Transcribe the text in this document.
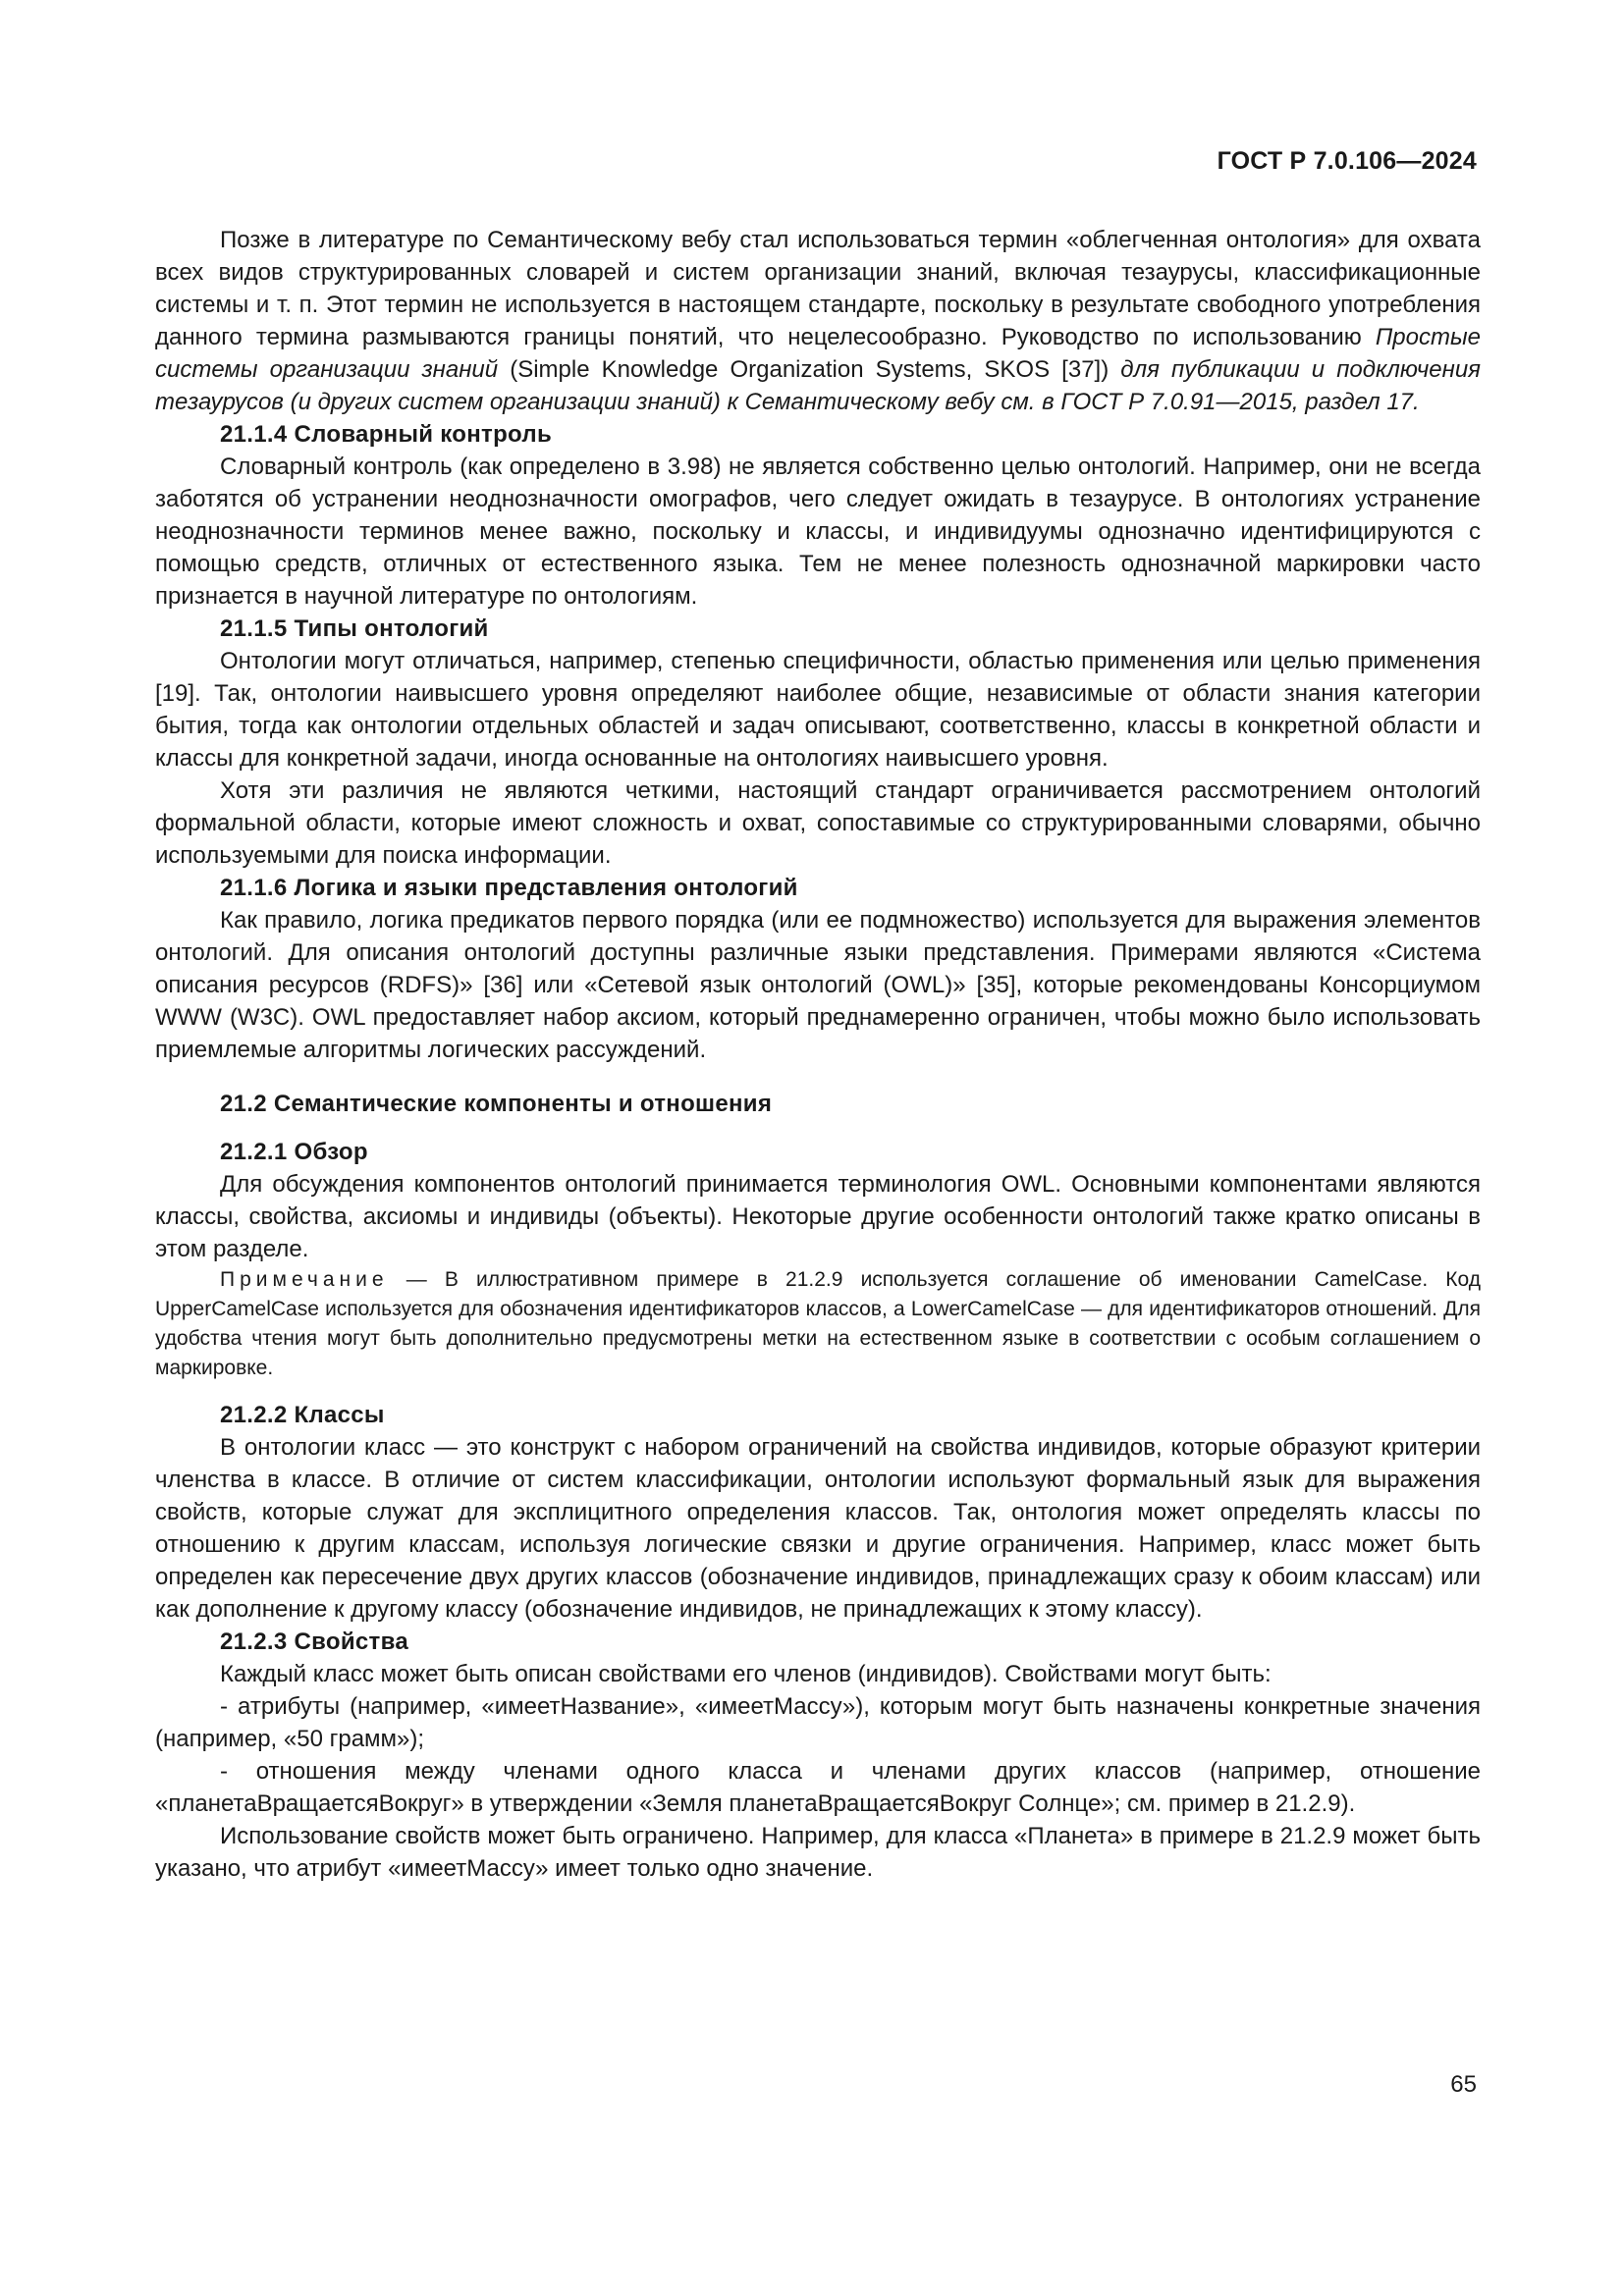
ГОСТ Р 7.0.106—2024

Позже в литературе по Семантическому вебу стал использоваться термин «облегченная онтология» для охвата всех видов структурированных словарей и систем организации знаний, включая тезаурусы, классификационные системы и т. п. Этот термин не используется в настоящем стандарте, поскольку в результате свободного употребления данного термина размываются границы понятий, что нецелесообразно. Руководство по использованию Простые системы организации знаний (Simple Knowledge Organization Systems, SKOS [37]) для публикации и подключения тезаурусов (и других систем организации знаний) к Семантическому вебу см. в ГОСТ Р 7.0.91—2015, раздел 17.

21.1.4 Словарный контроль

Словарный контроль (как определено в 3.98) не является собственно целью онтологий. Например, они не всегда заботятся об устранении неоднозначности омографов, чего следует ожидать в тезаурусе. В онтологиях устранение неоднозначности терминов менее важно, поскольку и классы, и индивидуумы однозначно идентифицируются с помощью средств, отличных от естественного языка. Тем не менее полезность однозначной маркировки часто признается в научной литературе по онтологиям.

21.1.5 Типы онтологий

Онтологии могут отличаться, например, степенью специфичности, областью применения или целью применения [19]. Так, онтологии наивысшего уровня определяют наиболее общие, независимые от области знания категории бытия, тогда как онтологии отдельных областей и задач описывают, соответственно, классы в конкретной области и классы для конкретной задачи, иногда основанные на онтологиях наивысшего уровня.

Хотя эти различия не являются четкими, настоящий стандарт ограничивается рассмотрением онтологий формальной области, которые имеют сложность и охват, сопоставимые со структурированными словарями, обычно используемыми для поиска информации.

21.1.6 Логика и языки представления онтологий

Как правило, логика предикатов первого порядка (или ее подмножество) используется для выражения элементов онтологий. Для описания онтологий доступны различные языки представления. Примерами являются «Система описания ресурсов (RDFS)» [36] или «Сетевой язык онтологий (OWL)» [35], которые рекомендованы Консорциумом WWW (W3C). OWL предоставляет набор аксиом, который преднамеренно ограничен, чтобы можно было использовать приемлемые алгоритмы логических рассуждений.

21.2 Семантические компоненты и отношения
21.2.1 Обзор

Для обсуждения компонентов онтологий принимается терминология OWL. Основными компонентами являются классы, свойства, аксиомы и индивиды (объекты). Некоторые другие особенности онтологий также кратко описаны в этом разделе.

Примечание — В иллюстративном примере в 21.2.9 используется соглашение об именовании CamelCase. Код UpperCamelCase используется для обозначения идентификаторов классов, а LowerCamelCase — для идентификаторов отношений. Для удобства чтения могут быть дополнительно предусмотрены метки на естественном языке в соответствии с особым соглашением о маркировке.

21.2.2 Классы

В онтологии класс — это конструкт с набором ограничений на свойства индивидов, которые образуют критерии членства в классе. В отличие от систем классификации, онтологии используют формальный язык для выражения свойств, которые служат для эксплицитного определения классов. Так, онтология может определять классы по отношению к другим классам, используя логические связки и другие ограничения. Например, класс может быть определен как пересечение двух других классов (обозначение индивидов, принадлежащих сразу к обоим классам) или как дополнение к другому классу (обозначение индивидов, не принадлежащих к этому классу).

21.2.3 Свойства

Каждый класс может быть описан свойствами его членов (индивидов). Свойствами могут быть:

- атрибуты (например, «имеетНазвание», «имеетМассу»), которым могут быть назначены конкретные значения (например, «50 грамм»);

- отношения между членами одного класса и членами других классов (например, отношение «планетаВращаетсяВокруг» в утверждении «Земля планетаВращаетсяВокруг Солнце»; см. пример в 21.2.9).

Использование свойств может быть ограничено. Например, для класса «Планета» в примере в 21.2.9 может быть указано, что атрибут «имеетМассу» имеет только одно значение.

65
